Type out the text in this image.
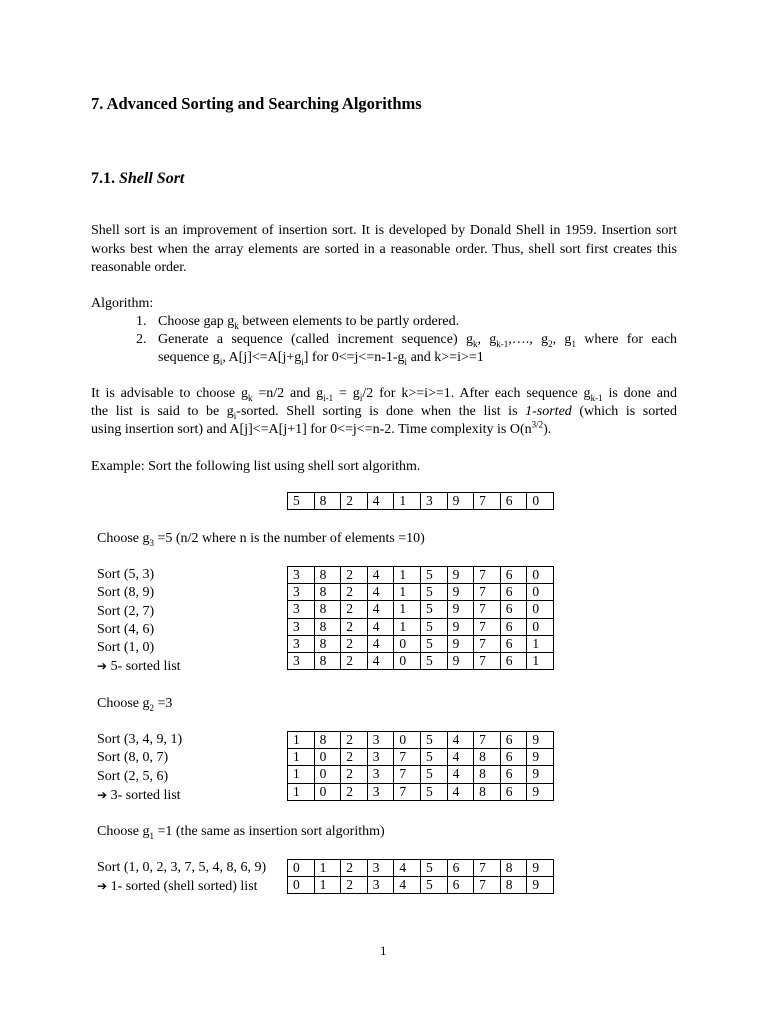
7. Advanced Sorting and Searching Algorithms
7.1. Shell Sort

Shell sort is an improvement of insertion sort. It is developed by Donald Shell in 1959. Insertion sort works best when the array elements are sorted in a reasonable order. Thus, shell sort first creates this reasonable order.

Algorithm:
1. Choose gap $g_k$ between elements to be partly ordered.
2. Generate a sequence (called increment sequence) $g_k$, $g_{k-1},\dots$., $g_2$, $g_1$ where for each
sequence $g_i$, $A[j]<=A[j+g_i]$ for $0<=j<=n-1-g_i$ and k>=i>=1
It is advisable to choose $g_k =n/2$ and $g_{i-1} = g_i/2$ for k>=i>=1. After each sequence $g_{k-1}$ is done and
the list is said to be $g_i$-sorted. Shell sorting is done when the list is 1-sorted (which is sorted
using insertion sort) and A[j]<=A[j+1] for 0<=j<=n-2. Time complexity is $O(n^{3/2})$.
Example: Sort the following list using shell sort algorithm.
5	8	2	4	1	3	9	7	6	0
Choose $g_3 =5$ (n/2 where n is the number of elements =10)
Sort (5, 3)
Sort (8, 9)
Sort (2, 7)
Sort (4, 6)
Sort (1, 0)
➔ 5- sorted list
3	8	2	4	1	5	9	7	6	0
3	8	2	4	1	5	9	7	6	0
3	8	2	4	1	5	9	7	6	0
3	8	2	4	1	5	9	7	6	0
3	8	2	4	0	5	9	7	6	1
3	8	2	4	0	5	9	7	6	1
Choose $g_2 =3$
Sort (3, 4, 9, 1)
Sort (8, 0, 7)
Sort (2, 5, 6)
➔ 3- sorted list
1	8	2	3	0	5	4	7	6	9
1	0	2	3	7	5	4	8	6	9
1	0	2	3	7	5	4	8	6	9
1	0	2	3	7	5	4	8	6	9
Choose $g_1 =1$ (the same as insertion sort algorithm)
Sort (1, 0, 2, 3, 7, 5, 4, 8, 6, 9)
➔ 1- sorted (shell sorted) list
0	1	2	3	4	5	6	7	8	9
0	1	2	3	4	5	6	7	8	9
1
